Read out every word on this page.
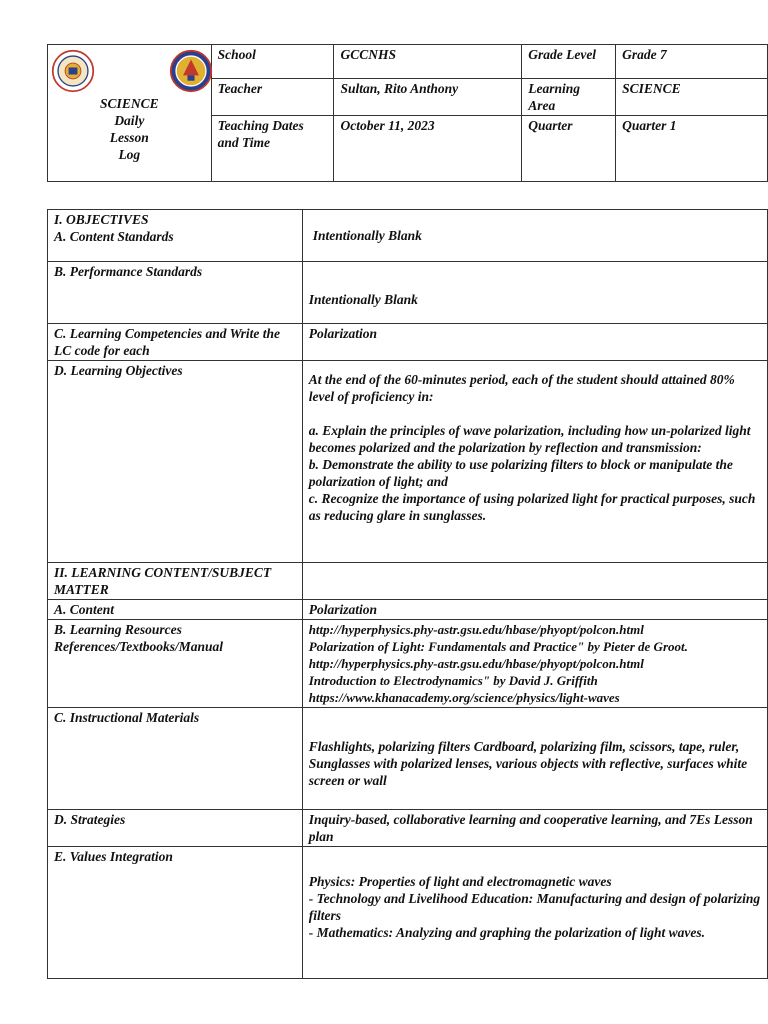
SCIENCE
Daily
Lesson
Log	School	GCCNHS	Grade Level	Grade 7
	Teacher	Sultan, Rito Anthony	Learning Area	SCIENCE
	Teaching Dates and Time	October 11, 2023	Quarter	Quarter 1
I. OBJECTIVES
A. Content Standards	Intentionally Blank
B. Performance Standards	Intentionally Blank
C. Learning Competencies and Write the LC code for each	Polarization
D. Learning Objectives	At the end of the 60-minutes period, each of the student should attained 80% level of proficiency in:
a. Explain the principles of wave polarization, including how un-polarized light becomes polarized and the polarization by reflection and transmission:
b. Demonstrate the ability to use polarizing filters to block or manipulate the polarization of light; and
c. Recognize the importance of using polarized light for practical purposes, such as reducing glare in sunglasses.

II. LEARNING CONTENT/SUBJECT MATTER	
A. Content	Polarization
B. Learning Resources References/Textbooks/Manual	http://hyperphysics.phy-astr.gsu.edu/hbase/phyopt/polcon.html
Polarization of Light: Fundamentals and Practice" by Pieter de Groot.
http://hyperphysics.phy-astr.gsu.edu/hbase/phyopt/polcon.html
Introduction to Electrodynamics" by David J. Griffith
https://www.khanacademy.org/science/physics/light-waves
C. Instructional Materials	Flashlights, polarizing filters Cardboard, polarizing film, scissors, tape, ruler, Sunglasses with polarized lenses, various objects with reflective, surfaces white screen or wall
D. Strategies	Inquiry-based, collaborative learning and cooperative learning, and 7Es Lesson plan
E. Values Integration	Physics: Properties of light and electromagnetic waves
- Technology and Livelihood Education: Manufacturing and design of polarizing filters
- Mathematics: Analyzing and graphing the polarization of light waves.
